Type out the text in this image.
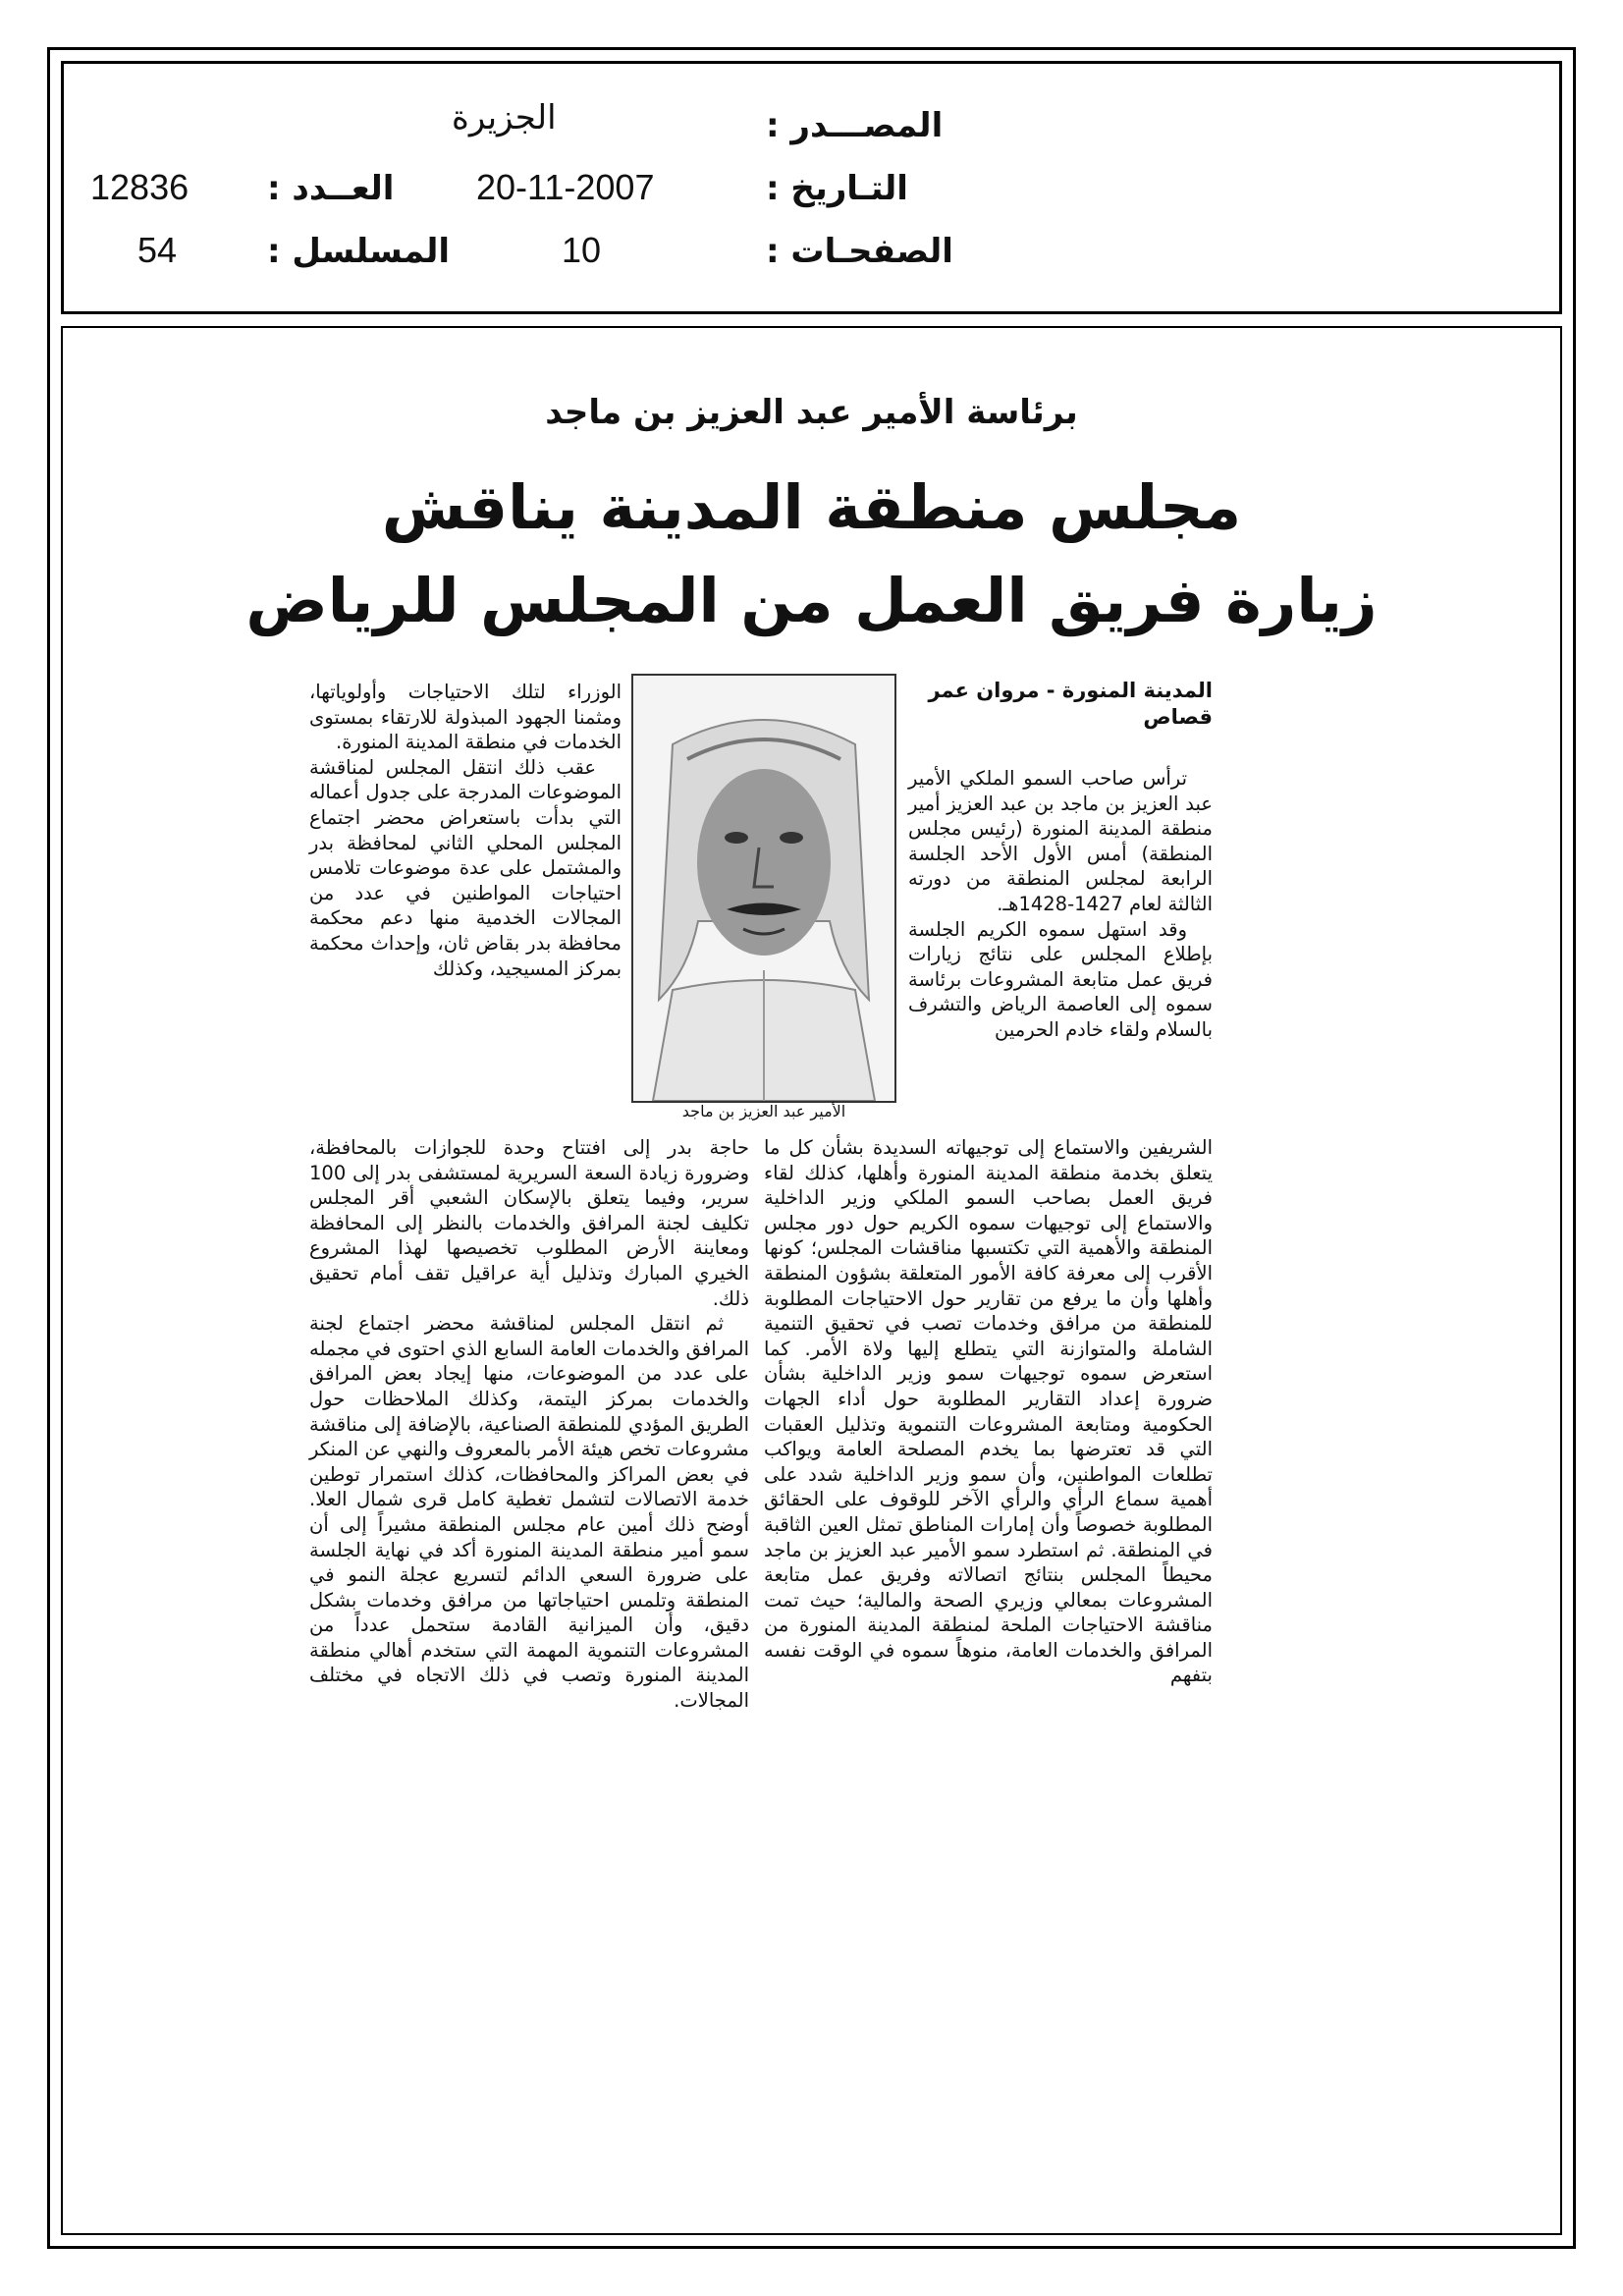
الجزيرة	المصـــدر :
20-11-2007	التـاريخ :
12836 العــدد :
10	الصفحـات :
54	المسلسل :
برئاسة الأمير عبد العزيز بن ماجد
مجلس منطقة المدينة يناقش
زيارة فريق العمل من المجلس للرياض
المدينة المنورة - مروان عمر قصاص

ترأس صاحب السمو الملكي الأمير عبد العزيز بن ماجد بن عبد العزيز أمير منطقة المدينة المنورة (رئيس مجلس المنطقة) أمس الأول الأحد الجلسة الرابعة لمجلس المنطقة من دورته الثالثة لعام 1427-1428هـ.

وقد استهل سموه الكريم الجلسة بإطلاع المجلس على نتائج زيارات فريق عمل متابعة المشروعات برئاسة سموه إلى العاصمة الرياض والتشرف بالسلام ولقاء خادم الحرمين

الشريفين والاستماع إلى توجيهاته السديدة بشأن كل ما يتعلق بخدمة منطقة المدينة المنورة وأهلها، كذلك لقاء فريق العمل بصاحب السمو الملكي وزير الداخلية والاستماع إلى توجيهات سموه الكريم حول دور مجلس المنطقة والأهمية التي تكتسبها مناقشات المجلس؛ كونها الأقرب إلى معرفة كافة الأمور المتعلقة بشؤون المنطقة وأهلها وأن ما يرفع من تقارير حول الاحتياجات المطلوبة للمنطقة من مرافق وخدمات تصب في تحقيق التنمية الشاملة والمتوازنة التي يتطلع إليها ولاة الأمر. كما استعرض سموه توجيهات سمو وزير الداخلية بشأن ضرورة إعداد التقارير المطلوبة حول أداء الجهات الحكومية ومتابعة المشروعات التنموية وتذليل العقبات التي قد تعترضها بما يخدم المصلحة العامة ويواكب تطلعات المواطنين، وأن سمو وزير الداخلية شدد على أهمية سماع الرأي والرأي الآخر للوقوف على الحقائق المطلوبة خصوصاً وأن إمارات المناطق تمثل العين الثاقبة في المنطقة. ثم استطرد سمو الأمير عبد العزيز بن ماجد محيطاً المجلس بنتائج اتصالاته وفريق عمل متابعة المشروعات بمعالي وزيري الصحة والمالية؛ حيث تمت مناقشة الاحتياجات الملحة لمنطقة المدينة المنورة من المرافق والخدمات العامة، منوهاً سموه في الوقت نفسه بتفهم

الأمير عبد العزيز بن ماجد

الوزراء لتلك الاحتياجات وأولوياتها، ومثمنا الجهود المبذولة للارتقاء بمستوى الخدمات في منطقة المدينة المنورة.

عقب ذلك انتقل المجلس لمناقشة الموضوعات المدرجة على جدول أعماله التي بدأت باستعراض محضر اجتماع المجلس المحلي الثاني لمحافظة بدر والمشتمل على عدة موضوعات تلامس احتياجات المواطنين في عدد من المجالات الخدمية منها دعم محكمة محافظة بدر بقاض ثان، وإحداث محكمة بمركز المسيجيد، وكذلك

حاجة بدر إلى افتتاح وحدة للجوازات بالمحافظة، وضرورة زيادة السعة السريرية لمستشفى بدر إلى 100 سرير، وفيما يتعلق بالإسكان الشعبي أقر المجلس تكليف لجنة المرافق والخدمات بالنظر إلى المحافظة ومعاينة الأرض المطلوب تخصيصها لهذا المشروع الخيري المبارك وتذليل أية عراقيل تقف أمام تحقيق ذلك.

ثم انتقل المجلس لمناقشة محضر اجتماع لجنة المرافق والخدمات العامة السابع الذي احتوى في مجمله على عدد من الموضوعات، منها إيجاد بعض المرافق والخدمات بمركز اليتمة، وكذلك الملاحظات حول الطريق المؤدي للمنطقة الصناعية، بالإضافة إلى مناقشة مشروعات تخص هيئة الأمر بالمعروف والنهي عن المنكر في بعض المراكز والمحافظات، كذلك استمرار توطين خدمة الاتصالات لتشمل تغطية كامل قرى شمال العلا. أوضح ذلك أمين عام مجلس المنطقة مشيراً إلى أن سمو أمير منطقة المدينة المنورة أكد في نهاية الجلسة على ضرورة السعي الدائم لتسريع عجلة النمو في المنطقة وتلمس احتياجاتها من مرافق وخدمات بشكل دقيق، وأن الميزانية القادمة ستحمل عدداً من المشروعات التنموية المهمة التي ستخدم أهالي منطقة المدينة المنورة وتصب في ذلك الاتجاه في مختلف المجالات.
